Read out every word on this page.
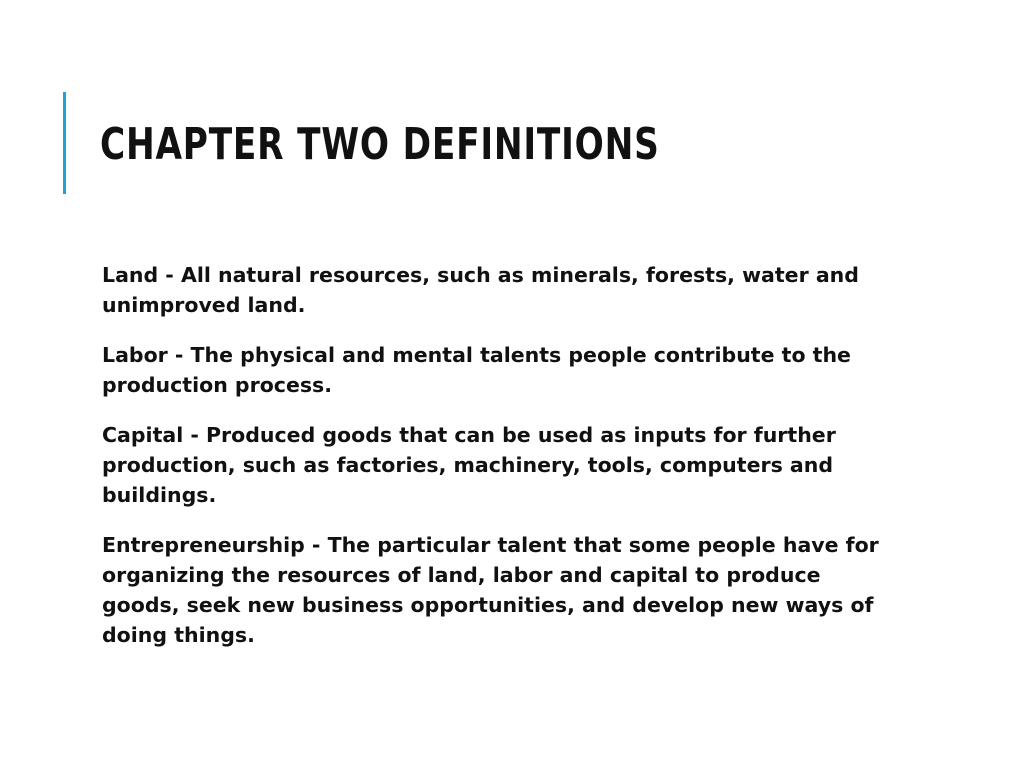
CHAPTER TWO DEFINITIONS

Land - All natural resources, such as minerals, forests, water and unimproved land.

Labor - The physical and mental talents people contribute to the production process.

Capital - Produced goods that can be used as inputs for further production, such as factories, machinery, tools, computers and buildings.

Entrepreneurship - The particular talent that some people have for organizing the resources of land, labor and capital to produce goods, seek new business opportunities, and develop new ways of doing things.
